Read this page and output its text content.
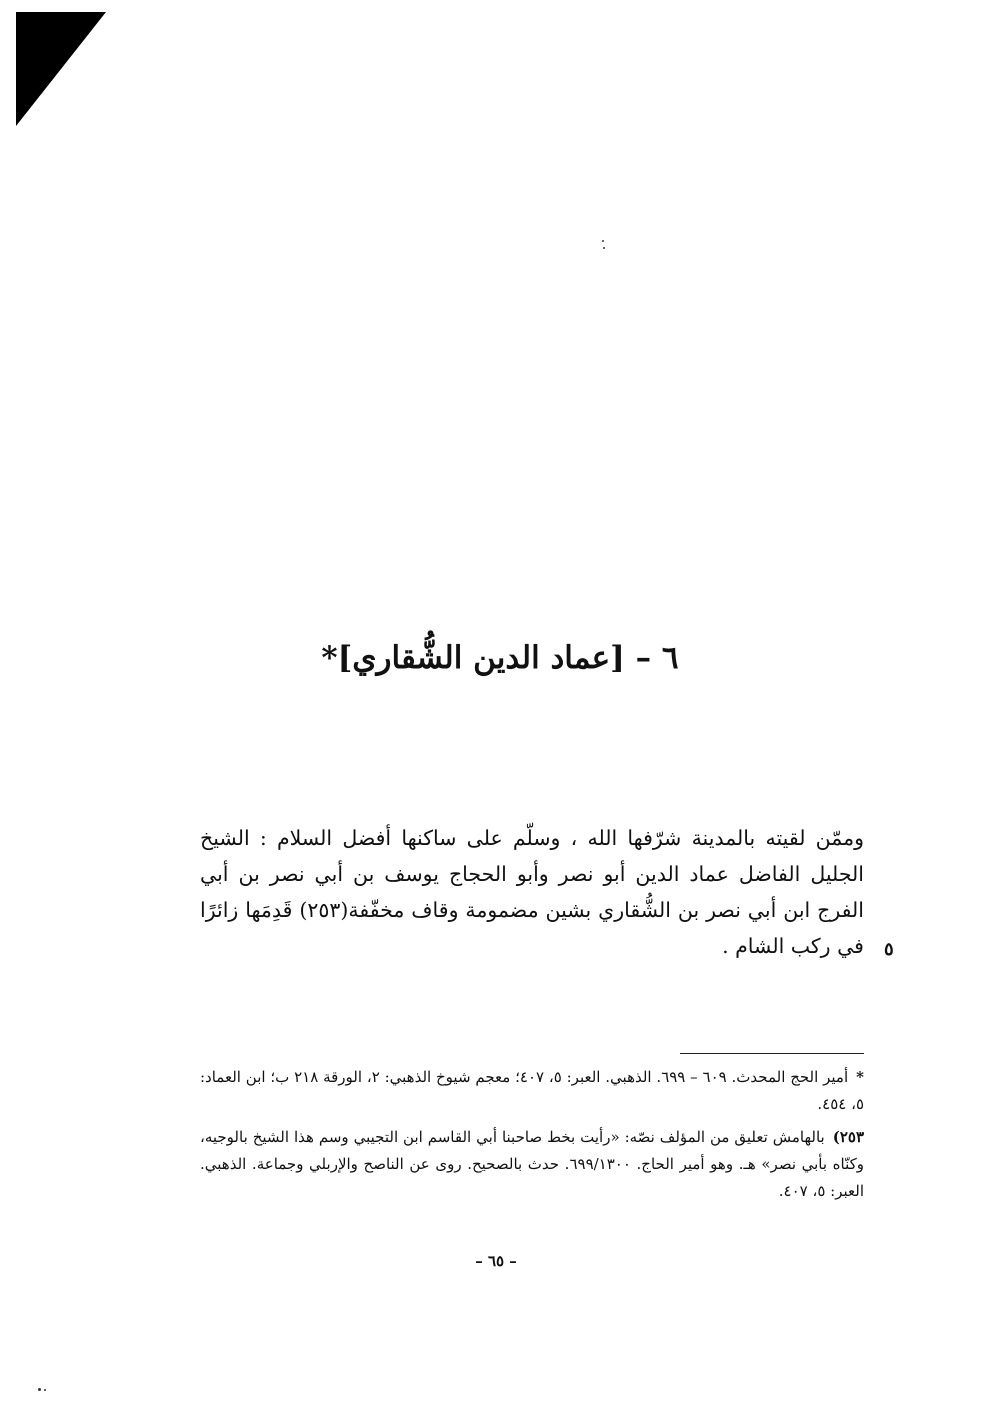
٦ – [عماد الدين الشُّقاري]*

وممّن لقيته بالمدينة شرّفها الله ، وسلّم على ساكنها أفضل السلام : الشيخ الجليل الفاضل عماد الدين أبو نصر وأبو الحجاج يوسف بن أبي نصر بن أبي الفرج ابن أبي نصر بن الشُّقاري بشين مضمومة وقاف مخفّفة(٢٥٣) قَدِمَها زائرًا في ركب الشام . ٥

*أمير الحج المحدث. ٦٠٩ – ٦٩٩. الذهبي. العبر: ٥، ٤٠٧؛ معجم شيوخ الذهبي: ٢، الورقة ٢١٨ ب؛ ابن العماد: ٥، ٤٥٤.

٢٥٣)بالهامش تعليق من المؤلف نصّه: «رأيت بخط صاحبنا أبي القاسم ابن التجيبي وسم هذا الشيخ بالوجيه، وكنّاه بأبي نصر» هـ. وهو أمير الحاج. ٦٩٩/١٣٠٠. حدث بالصحيح. روى عن الناصح والإربلي وجماعة. الذهبي. العبر: ٥، ٤٠٧.

– ٦٥ –
